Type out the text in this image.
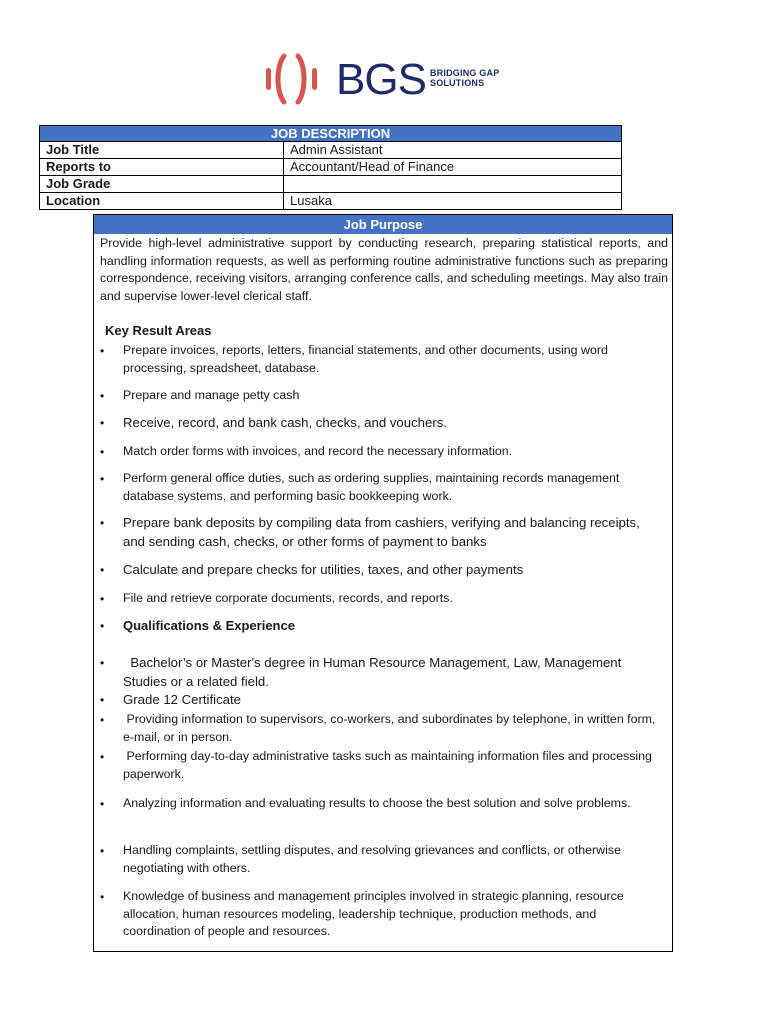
BGS BRIDGING GAP
SOLUTIONS
JOB DESCRIPTION	
Job Title	Admin Assistant
Reports to	Accountant/Head of Finance
Job Grade	
Location	Lusaka
Job Purpose

Provide high-level administrative support by conducting research, preparing statistical reports, and handling information requests, as well as performing routine administrative functions such as preparing correspondence, receiving visitors, arranging conference calls, and scheduling meetings. May also train and supervise lower-level clerical staff.

Key Result Areas

• Prepare invoices, reports, letters, financial statements, and other documents, using word processing, spreadsheet, database.
• Prepare and manage petty cash
• Receive, record, and bank cash, checks, and vouchers.
• Match order forms with invoices, and record the necessary information.
• Perform general office duties, such as ordering supplies, maintaining records management database systems, and performing basic bookkeeping work.
• Prepare bank deposits by compiling data from cashiers, verifying and balancing receipts, and sending cash, checks, or other forms of payment to banks
• Calculate and prepare checks for utilities, taxes, and other payments
• File and retrieve corporate documents, records, and reports.
• Qualifications & Experience
• Bachelor’s or Master's degree in Human Resource Management, Law, Management Studies or a related field.
• Grade 12 Certificate
• Providing information to supervisors, co-workers, and subordinates by telephone, in written form, e-mail, or in person.
• Performing day-to-day administrative tasks such as maintaining information files and processing paperwork.
• Analyzing information and evaluating results to choose the best solution and solve problems.
• Handling complaints, settling disputes, and resolving grievances and conflicts, or otherwise negotiating with others.
• Knowledge of business and management principles involved in strategic planning, resource allocation, human resources modeling, leadership technique, production methods, and coordination of people and resources.
